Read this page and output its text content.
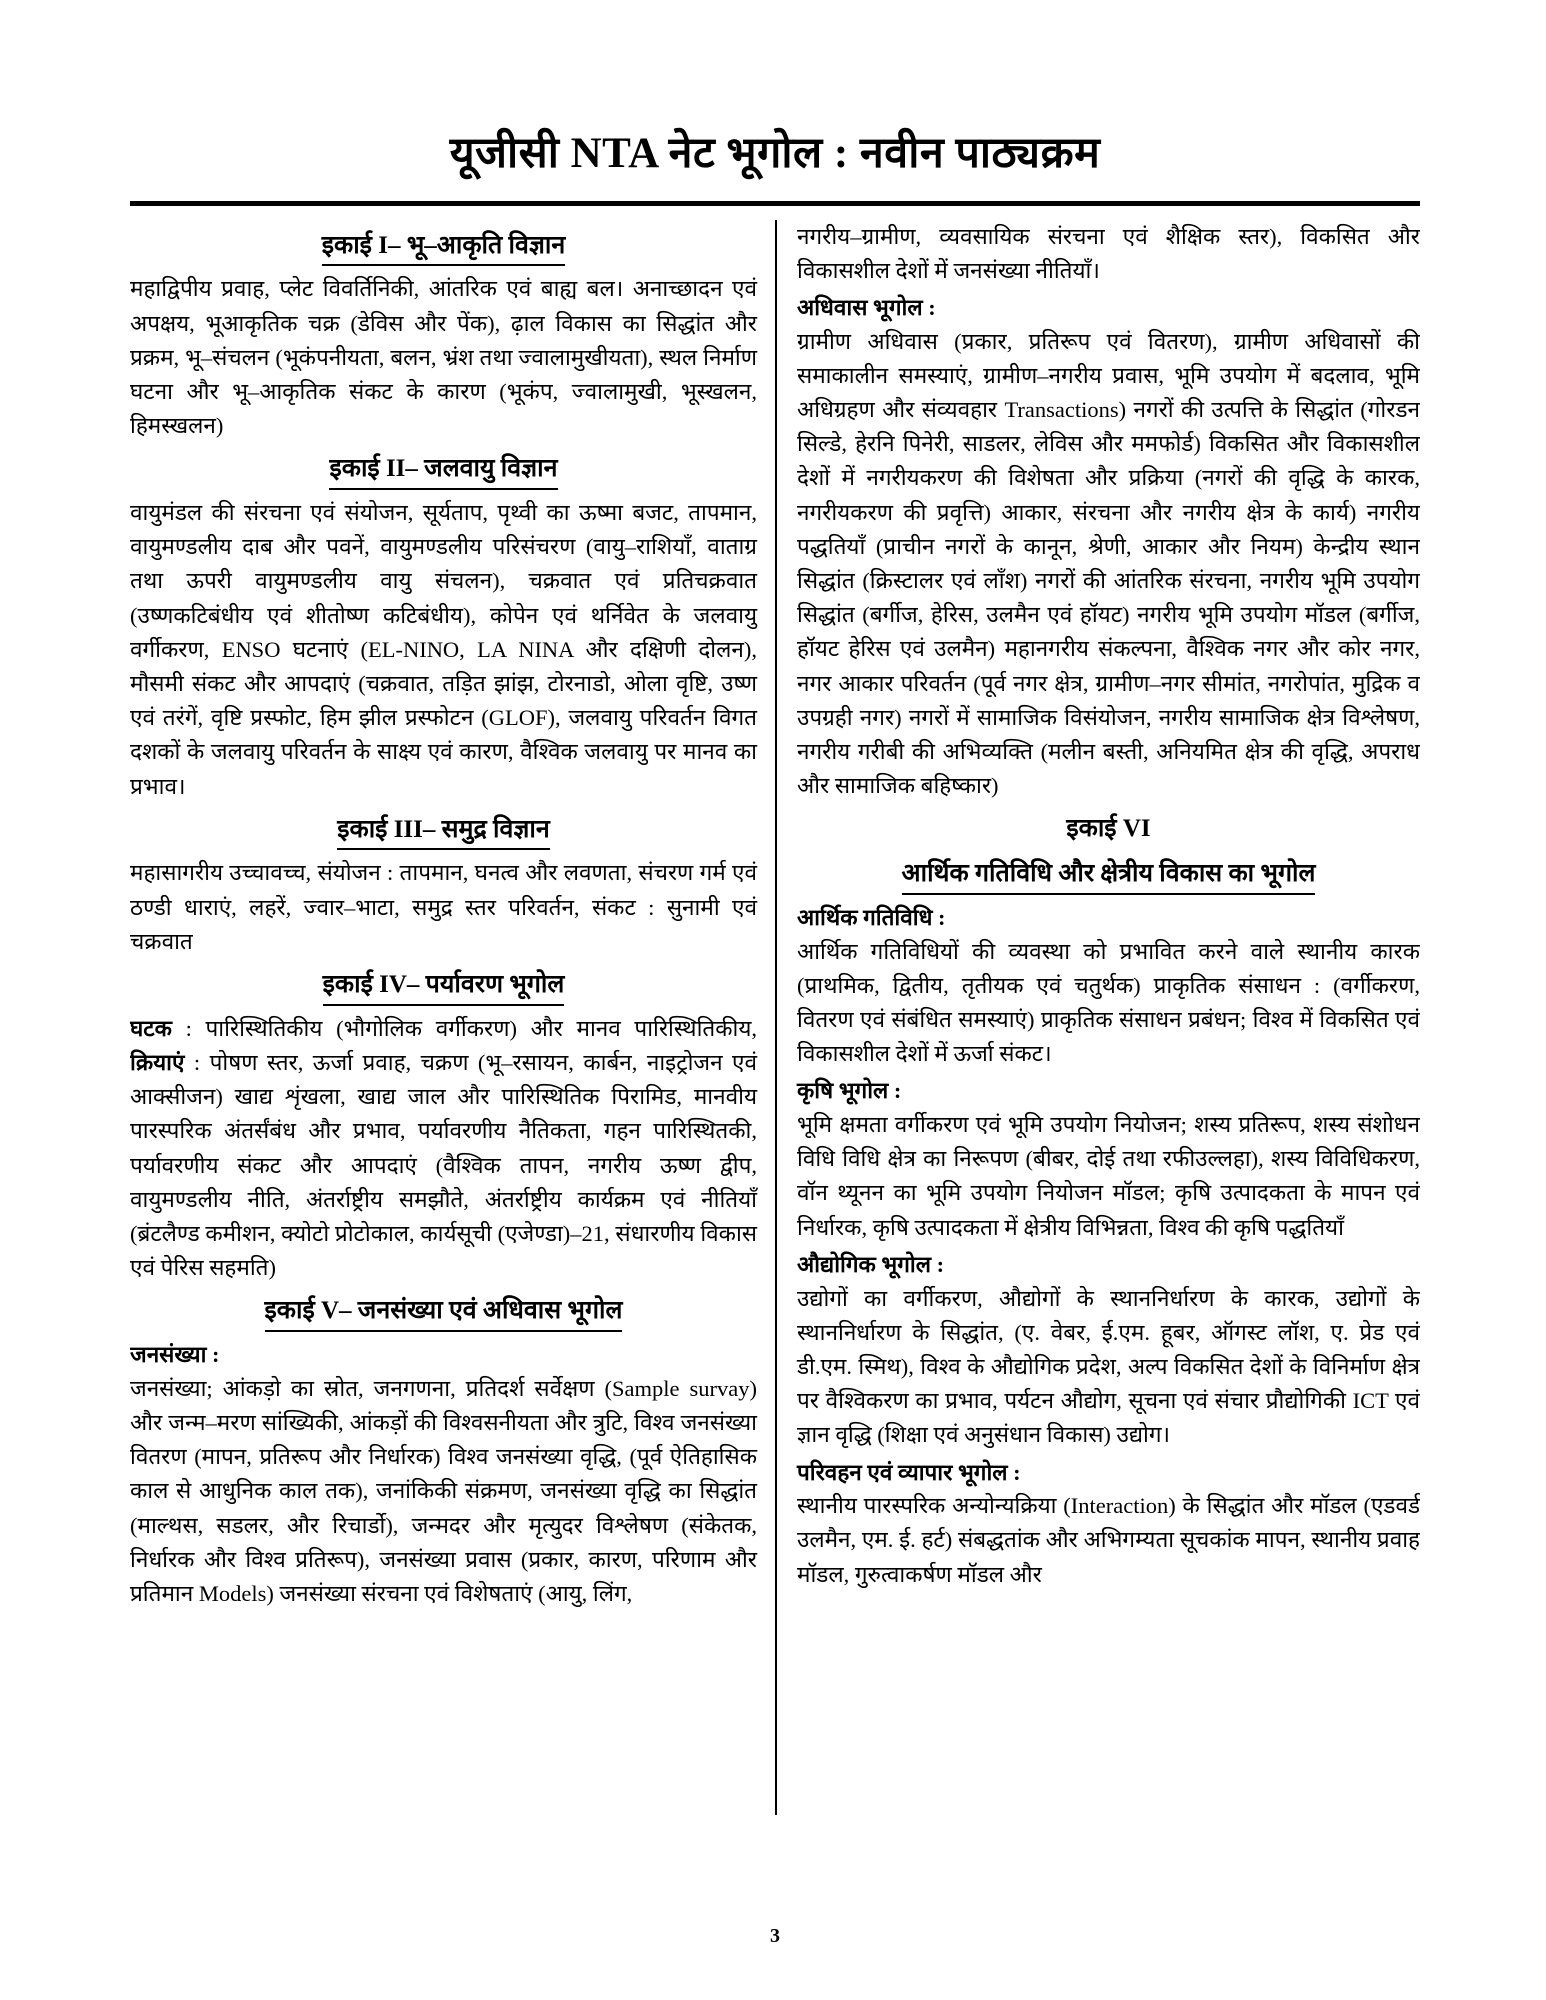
यूजीसी NTA नेट भूगोल : नवीन पाठ्यक्रम
इकाई I– भू–आकृति विज्ञान

महाद्विपीय प्रवाह, प्लेट विवर्तिनिकी, आंतरिक एवं बाह्य बल। अनाच्छादन एवं अपक्षय, भूआकृतिक चक्र (डेविस और पेंक), ढ़ाल विकास का सिद्धांत और प्रक्रम, भू–संचलन (भूकंपनीयता, बलन, भ्रंश तथा ज्वालामुखीयता), स्थल निर्माण घटना और भू–आकृतिक संकट के कारण (भूकंप, ज्वालामुखी, भूस्खलन, हिमस्खलन)

इकाई II– जलवायु विज्ञान

वायुमंडल की संरचना एवं संयोजन, सूर्यताप, पृथ्वी का ऊष्मा बजट, तापमान, वायुमण्डलीय दाब और पवनें, वायुमण्डलीय परिसंचरण (वायु–राशियाँ, वाताग्र तथा ऊपरी वायुमण्डलीय वायु संचलन), चक्रवात एवं प्रतिचक्रवात (उष्णकटिबंधीय एवं शीतोष्ण कटिबंधीय), कोपेन एवं थर्निवेत के जलवायु वर्गीकरण, ENSO घटनाएं (EL-NINO, LA NINA और दक्षिणी दोलन), मौसमी संकट और आपदाएं (चक्रवात, तड़ित झांझ, टोरनाडो, ओला वृष्टि, उष्ण एवं तरंगें, वृष्टि प्रस्फोट, हिम झील प्रस्फोटन (GLOF), जलवायु परिवर्तन विगत दशकों के जलवायु परिवर्तन के साक्ष्य एवं कारण, वैश्विक जलवायु पर मानव का प्रभाव।

इकाई III– समुद्र विज्ञान

महासागरीय उच्चावच्च, संयोजन : तापमान, घनत्व और लवणता, संचरण गर्म एवं ठण्डी धाराएं, लहरें, ज्वार–भाटा, समुद्र स्तर परिवर्तन, संकट : सुनामी एवं चक्रवात

इकाई IV– पर्यावरण भूगोल

घटक : पारिस्थितिकीय (भौगोलिक वर्गीकरण) और मानव पारिस्थितिकीय, क्रियाएं : पोषण स्तर, ऊर्जा प्रवाह, चक्रण (भू–रसायन, कार्बन, नाइट्रोजन एवं आक्सीजन) खाद्य शृंखला, खाद्य जाल और पारिस्थितिक पिरामिड, मानवीय पारस्परिक अंतर्संबंध और प्रभाव, पर्यावरणीय नैतिकता, गहन पारिस्थितकी, पर्यावरणीय संकट और आपदाएं (वैश्विक तापन, नगरीय ऊष्ण द्वीप, वायुमण्डलीय नीति, अंतर्राष्ट्रीय समझौते, अंतर्राष्ट्रीय कार्यक्रम एवं नीतियाँ (ब्रंटलैण्ड कमीशन, क्योटो प्रोटोकाल, कार्यसूची (एजेण्डा)–21, संधारणीय विकास एवं पेरिस सहमति)

इकाई V– जनसंख्या एवं अधिवास भूगोल
जनसंख्या :

जनसंख्या; आंकड़ो का स्रोत, जनगणना, प्रतिदर्श सर्वेक्षण (Sample survay) और जन्म–मरण सांख्यिकी, आंकड़ों की विश्वसनीयता और त्रुटि, विश्व जनसंख्या वितरण (मापन, प्रतिरूप और निर्धारक) विश्व जनसंख्या वृद्धि, (पूर्व ऐतिहासिक काल से आधुनिक काल तक), जनांकिकी संक्रमण, जनसंख्या वृद्धि का सिद्धांत (माल्थस, सडलर, और रिचार्डो), जन्मदर और मृत्युदर विश्लेषण (संकेतक, निर्धारक और विश्व प्रतिरूप), जनसंख्या प्रवास (प्रकार, कारण, परिणाम और प्रतिमान Models) जनसंख्या संरचना एवं विशेषताएं (आयु, लिंग,

नगरीय–ग्रामीण, व्यवसायिक संरचना एवं शैक्षिक स्तर), विकसित और विकासशील देशों में जनसंख्या नीतियाँ।

अधिवास भूगोल :

ग्रामीण अधिवास (प्रकार, प्रतिरूप एवं वितरण), ग्रामीण अधिवासों की समाकालीन समस्याएं, ग्रामीण–नगरीय प्रवास, भूमि उपयोग में बदलाव, भूमि अधिग्रहण और संव्यवहार Transactions) नगरों की उत्पत्ति के सिद्धांत (गोरडन सिल्डे, हेरनि पिनेरी, साडलर, लेविस और ममफोर्ड) विकसित और विकासशील देशों में नगरीयकरण की विशेषता और प्रक्रिया (नगरों की वृद्धि के कारक, नगरीयकरण की प्रवृत्ति) आकार, संरचना और नगरीय क्षेत्र के कार्य) नगरीय पद्धतियाँ (प्राचीन नगरों के कानून, श्रेणी, आकार और नियम) केन्द्रीय स्थान सिद्धांत (क्रिस्टालर एवं लाँश) नगरों की आंतरिक संरचना, नगरीय भूमि उपयोग सिद्धांत (बर्गीज, हेरिस, उलमैन एवं हॉयट) नगरीय भूमि उपयोग मॉडल (बर्गीज, हॉयट हेरिस एवं उलमैन) महानगरीय संकल्पना, वैश्विक नगर और कोर नगर, नगर आकार परिवर्तन (पूर्व नगर क्षेत्र, ग्रामीण–नगर सीमांत, नगरोपांत, मुद्रिक व उपग्रही नगर) नगरों में सामाजिक विसंयोजन, नगरीय सामाजिक क्षेत्र विश्लेषण, नगरीय गरीबी की अभिव्यक्ति (मलीन बस्ती, अनियमित क्षेत्र की वृद्धि, अपराध और सामाजिक बहिष्कार)

इकाई VI
आर्थिक गतिविधि और क्षेत्रीय विकास का भूगोल
आर्थिक गतिविधि :

आर्थिक गतिविधियों की व्यवस्था को प्रभावित करने वाले स्थानीय कारक (प्राथमिक, द्वितीय, तृतीयक एवं चतुर्थक) प्राकृतिक संसाधन : (वर्गीकरण, वितरण एवं संबंधित समस्याएं) प्राकृतिक संसाधन प्रबंधन; विश्व में विकसित एवं विकासशील देशों में ऊर्जा संकट।

कृषि भूगोल :

भूमि क्षमता वर्गीकरण एवं भूमि उपयोग नियोजन; शस्य प्रतिरूप, शस्य संशोधन विधि विधि क्षेत्र का निरूपण (बीबर, दोई तथा रफीउल्लहा), शस्य विविधिकरण, वॉन थ्यूनन का भूमि उपयोग नियोजन मॉडल; कृषि उत्पादकता के मापन एवं निर्धारक, कृषि उत्पादकता में क्षेत्रीय विभिन्नता, विश्व की कृषि पद्धतियाँ

औद्योगिक भूगोल :

उद्योगों का वर्गीकरण, औद्योगों के स्थाननिर्धारण के कारक, उद्योगों के स्थाननिर्धारण के सिद्धांत, (ए. वेबर, ई.एम. हूबर, ऑगस्ट लॉश, ए. प्रेड एवं डी.एम. स्मिथ), विश्व के औद्योगिक प्रदेश, अल्प विकसित देशों के विनिर्माण क्षेत्र पर वैश्विकरण का प्रभाव, पर्यटन औद्योग, सूचना एवं संचार प्रौद्योगिकी ICT एवं ज्ञान वृद्धि (शिक्षा एवं अनुसंधान विकास) उद्योग।

परिवहन एवं व्यापार भूगोल :

स्थानीय पारस्परिक अन्योन्यक्रिया (Interaction) के सिद्धांत और मॉडल (एडवर्ड उलमैन, एम. ई. हर्ट) संबद्धतांक और अभिगम्यता सूचकांक मापन, स्थानीय प्रवाह मॉडल, गुरुत्वाकर्षण मॉडल और

3
